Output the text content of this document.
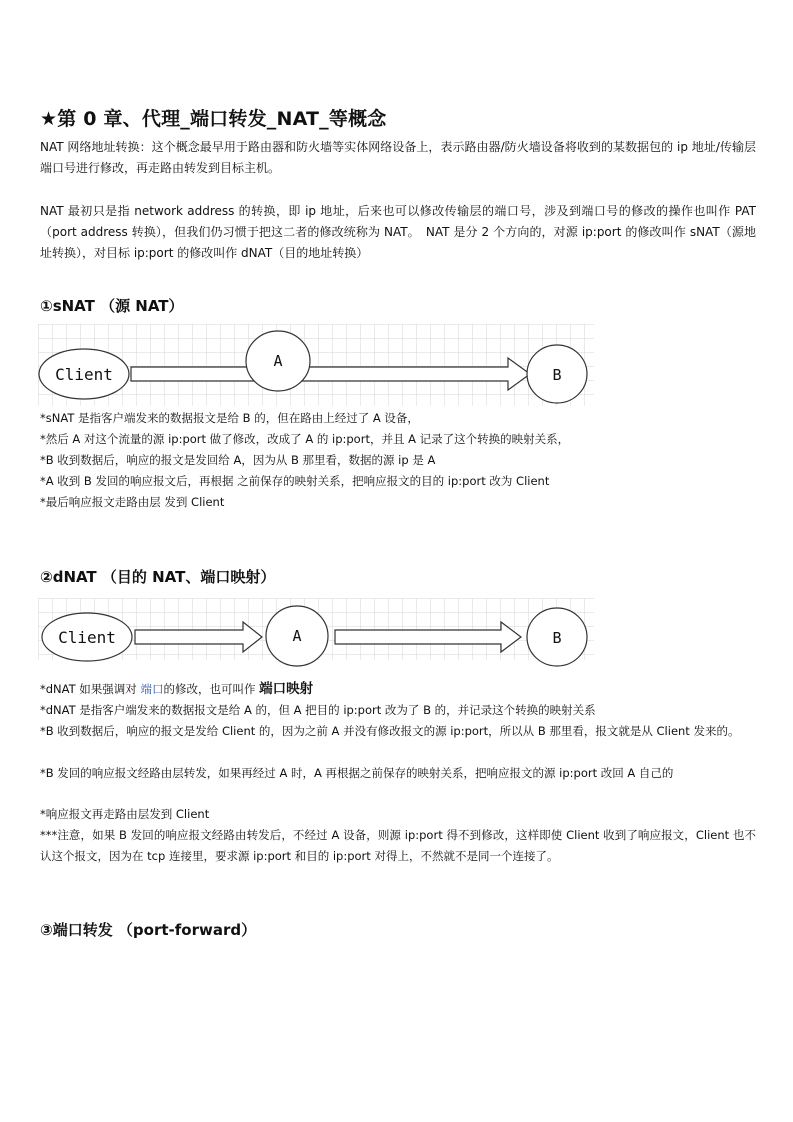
★第 0 章、代理_端口转发_NAT_等概念

NAT 网络地址转换：这个概念最早用于路由器和防火墙等实体网络设备上，表示路由器/防火墙设备将收到的某数据包的 ip 地址/传输层端口号进行修改，再走路由转发到目标主机。

NAT 最初只是指 network address 的转换，即 ip 地址，后来也可以修改传输层的端口号，涉及到端口号的修改的操作也叫作 PAT（port address 转换），但我们仍习惯于把这二者的修改统称为 NAT。　NAT 是分 2 个方向的，对源 ip:port 的修改叫作 sNAT（源地址转换），对目标 ip:port 的修改叫作 dNAT（目的地址转换）

①sNAT （源 NAT）
Client
A
B

*sNAT 是指客户端发来的数据报文是给 B 的，但在路由上经过了 A 设备，

*然后 A 对这个流量的源 ip:port 做了修改，改成了 A 的 ip:port，并且 A 记录了这个转换的映射关系，

*B 收到数据后，响应的报文是发回给 A，因为从 B 那里看，数据的源 ip 是 A

*A 收到 B 发回的响应报文后，再根据 之前保存的映射关系，把响应报文的目的 ip:port 改为 Client

*最后响应报文走路由层 发到 Client

②dNAT （目的 NAT、端口映射）
Client	A	B

*dNAT 如果强调对 端口的修改，也可叫作 端口映射

*dNAT 是指客户端发来的数据报文是给 A 的，但 A 把目的 ip:port 改为了 B 的，并记录这个转换的映射关系

*B 收到数据后，响应的报文是发给 Client 的，因为之前 A 并没有修改报文的源 ip:port，所以从 B 那里看，报文就是从 Client 发来的。

*B 发回的响应报文经路由层转发，如果再经过 A 时，A 再根据之前保存的映射关系，把响应报文的源 ip:port 改回 A 自己的

*响应报文再走路由层发到 Client

***注意，如果 B 发回的响应报文经路由转发后，不经过 A 设备，则源 ip:port 得不到修改，这样即使 Client 收到了响应报文，Client 也不认这个报文，因为在 tcp 连接里，要求源 ip:port 和目的 ip:port 对得上，不然就不是同一个连接了。

③端口转发 （port-forward）
